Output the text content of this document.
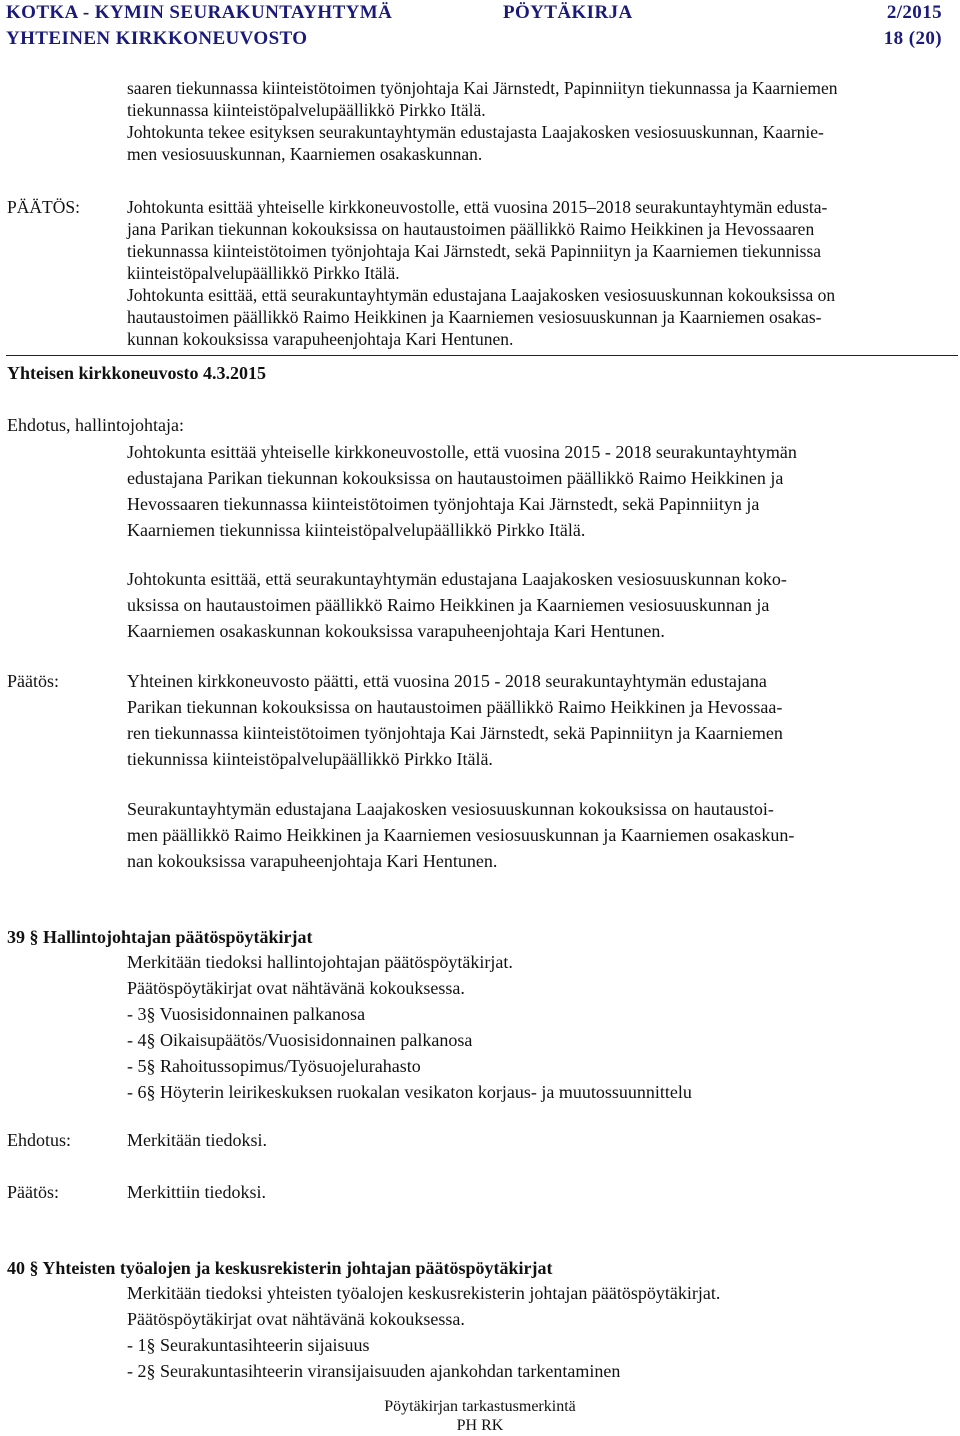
KOTKA - KYMIN SEURAKUNTAYHTYMÄ	PÖYTÄKIRJA	2/2015
YHTEINEN KIRKKONEUVOSTO	18 (20)
saaren tiekunnassa kiinteistötoimen työnjohtaja Kai Järnstedt, Papinniityn tiekunnassa ja Kaarniemen
tiekunnassa kiinteistöpalvelupäällikkö Pirkko Itälä.
Johtokunta tekee esityksen seurakuntayhtymän edustajasta Laajakosken vesiosuuskunnan, Kaarnie-
men vesiosuuskunnan, Kaarniemen osakaskunnan.
PÄÄTÖS:	Johtokunta esittää yhteiselle kirkkoneuvostolle, että vuosina 2015–2018 seurakuntayhtymän edusta-
jana Parikan tiekunnan kokouksissa on hautaustoimen päällikkö Raimo Heikkinen ja Hevossaaren
tiekunnassa kiinteistötoimen työnjohtaja Kai Järnstedt, sekä Papinniityn ja Kaarniemen tiekunnissa
kiinteistöpalvelupäällikkö Pirkko Itälä.
Johtokunta esittää, että seurakuntayhtymän edustajana Laajakosken vesiosuuskunnan kokouksissa on
hautaustoimen päällikkö Raimo Heikkinen ja Kaarniemen vesiosuuskunnan ja Kaarniemen osakas-
kunnan kokouksissa varapuheenjohtaja Kari Hentunen.
Yhteisen kirkkoneuvosto 4.3.2015
Ehdotus, hallintojohtaja:
Johtokunta esittää yhteiselle kirkkoneuvostolle, että vuosina 2015 - 2018 seurakuntayhtymän
edustajana Parikan tiekunnan kokouksissa on hautaustoimen päällikkö Raimo Heikkinen ja
Hevossaaren tiekunnassa kiinteistötoimen työnjohtaja Kai Järnstedt, sekä Papinniityn ja
Kaarniemen tiekunnissa kiinteistöpalvelupäällikkö Pirkko Itälä.
Johtokunta esittää, että seurakuntayhtymän edustajana Laajakosken vesiosuuskunnan koko-
uksissa on hautaustoimen päällikkö Raimo Heikkinen ja Kaarniemen vesiosuuskunnan ja
Kaarniemen osakaskunnan kokouksissa varapuheenjohtaja Kari Hentunen.
Päätös:	Yhteinen kirkkoneuvosto päätti, että vuosina 2015 - 2018 seurakuntayhtymän edustajana
Parikan tiekunnan kokouksissa on hautaustoimen päällikkö Raimo Heikkinen ja Hevossaa-
ren tiekunnassa kiinteistötoimen työnjohtaja Kai Järnstedt, sekä Papinniityn ja Kaarniemen
tiekunnissa kiinteistöpalvelupäällikkö Pirkko Itälä.
Seurakuntayhtymän edustajana Laajakosken vesiosuuskunnan kokouksissa on hautaustoi-
men päällikkö Raimo Heikkinen ja Kaarniemen vesiosuuskunnan ja Kaarniemen osakaskun-
nan kokouksissa varapuheenjohtaja Kari Hentunen.
39 § Hallintojohtajan päätöspöytäkirjat
Merkitään tiedoksi hallintojohtajan päätöspöytäkirjat.
Päätöspöytäkirjat ovat nähtävänä kokouksessa.
- 3§ Vuosisidonnainen palkanosa
- 4§ Oikaisupäätös/Vuosisidonnainen palkanosa
- 5§ Rahoitussopimus/Työsuojelurahasto
- 6§ Höyterin leirikeskuksen ruokalan vesikaton korjaus- ja muutossuunnittelu
Ehdotus:	Merkitään tiedoksi.
Päätös:	Merkittiin tiedoksi.
40 § Yhteisten työalojen ja keskusrekisterin johtajan päätöspöytäkirjat
Merkitään tiedoksi yhteisten työalojen keskusrekisterin johtajan päätöspöytäkirjat.
Päätöspöytäkirjat ovat nähtävänä kokouksessa.
- 1§ Seurakuntasihteerin sijaisuus
- 2§ Seurakuntasihteerin viransijaisuuden ajankohdan tarkentaminen
Pöytäkirjan tarkastusmerkintä
PH RK
